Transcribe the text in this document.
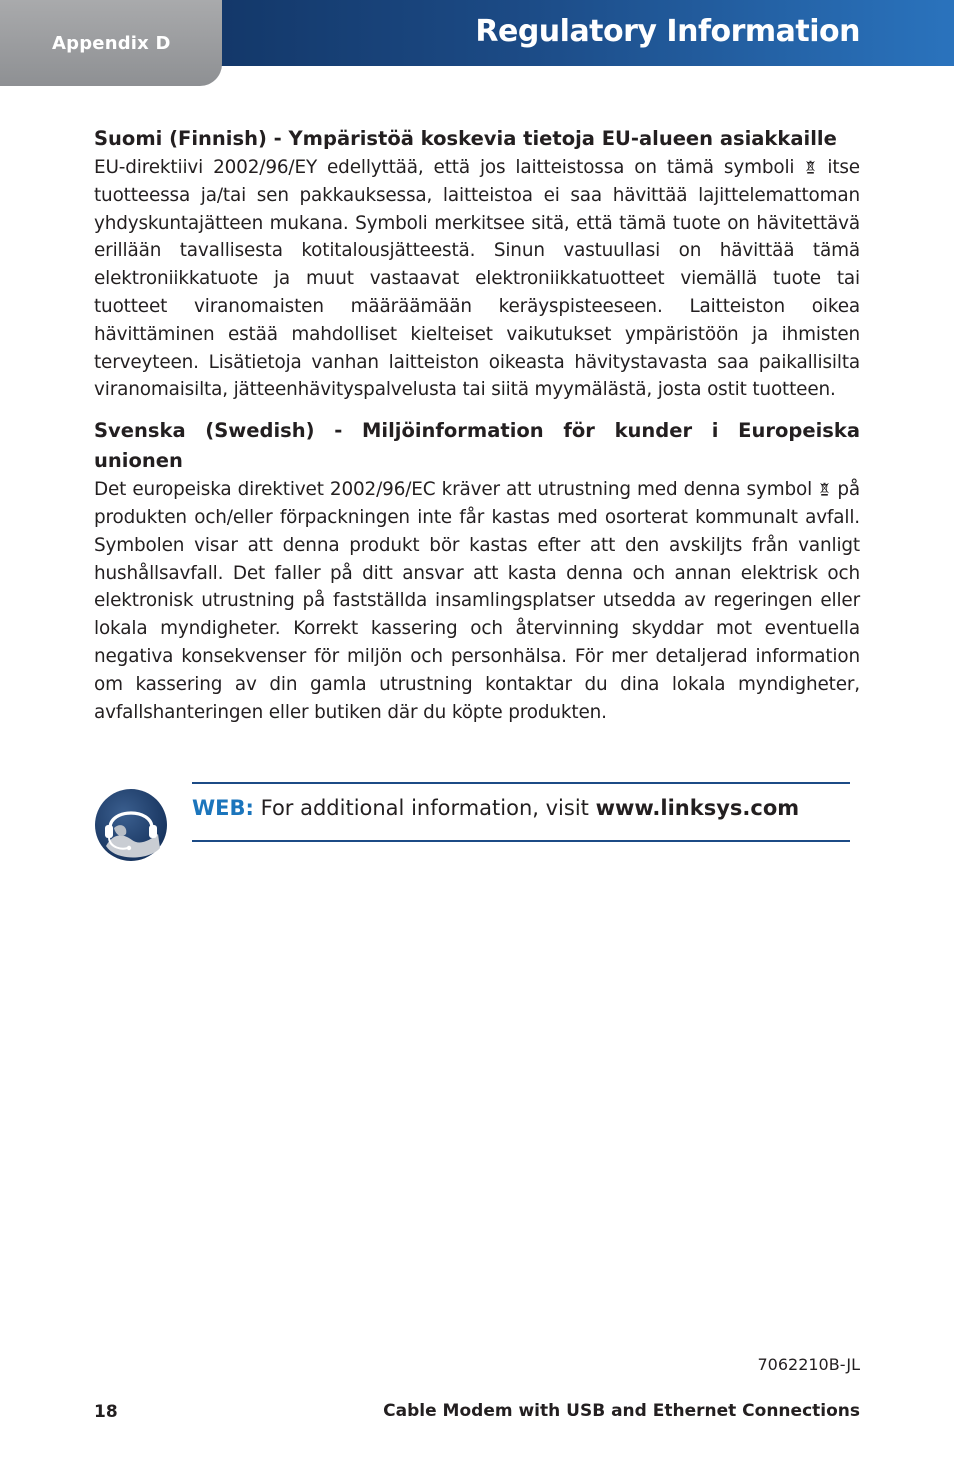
Appendix D	Regulatory Information
Suomi (Finnish) - Ympäristöä koskevia tietoja EU-alueen asiakkaille

EU-direktiivi 2002/96/EY edellyttää, että jos laitteistossa on tämä symboli itse tuotteessa ja/tai sen pakkauksessa, laitteistoa ei saa hävittää lajittelemattoman yhdyskuntajätteen mukana. Symboli merkitsee sitä, että tämä tuote on hävitettävä erillään tavallisesta kotitalousjätteestä. Sinun vastuullasi on hävittää tämä elektroniikkatuote ja muut vastaavat elektroniikkatuotteet viemällä tuote tai tuotteet viranomaisten määräämään keräyspisteeseen. Laitteiston oikea hävittäminen estää mahdolliset kielteiset vaikutukset ympäristöön ja ihmisten terveyteen. Lisätietoja vanhan laitteiston oikeasta hävitystavasta saa paikallisilta viranomaisilta, jätteenhävityspalvelusta tai siitä myymälästä, josta ostit tuotteen.

Svenska (Swedish) - Miljöinformation för kunder i Europeiska unionen

Det europeiska direktivet 2002/96/EC kräver att utrustning med denna symbol på produkten och/eller förpackningen inte får kastas med osorterat kommunalt avfall. Symbolen visar att denna produkt bör kastas efter att den avskiljts från vanligt hushållsavfall. Det faller på ditt ansvar att kasta denna och annan elektrisk och elektronisk utrustning på fastställda insamlingsplatser utsedda av regeringen eller lokala myndigheter. Korrekt kassering och återvinning skyddar mot eventuella negativa konsekvenser för miljön och personhälsa. För mer detaljerad information om kassering av din gamla utrustning kontaktar du dina lokala myndigheter, avfallshanteringen eller butiken där du köpte produkten.

WEB: For additional information, visit www.linksys.com
7062210B-JL
18	Cable Modem with USB and Ethernet Connections
